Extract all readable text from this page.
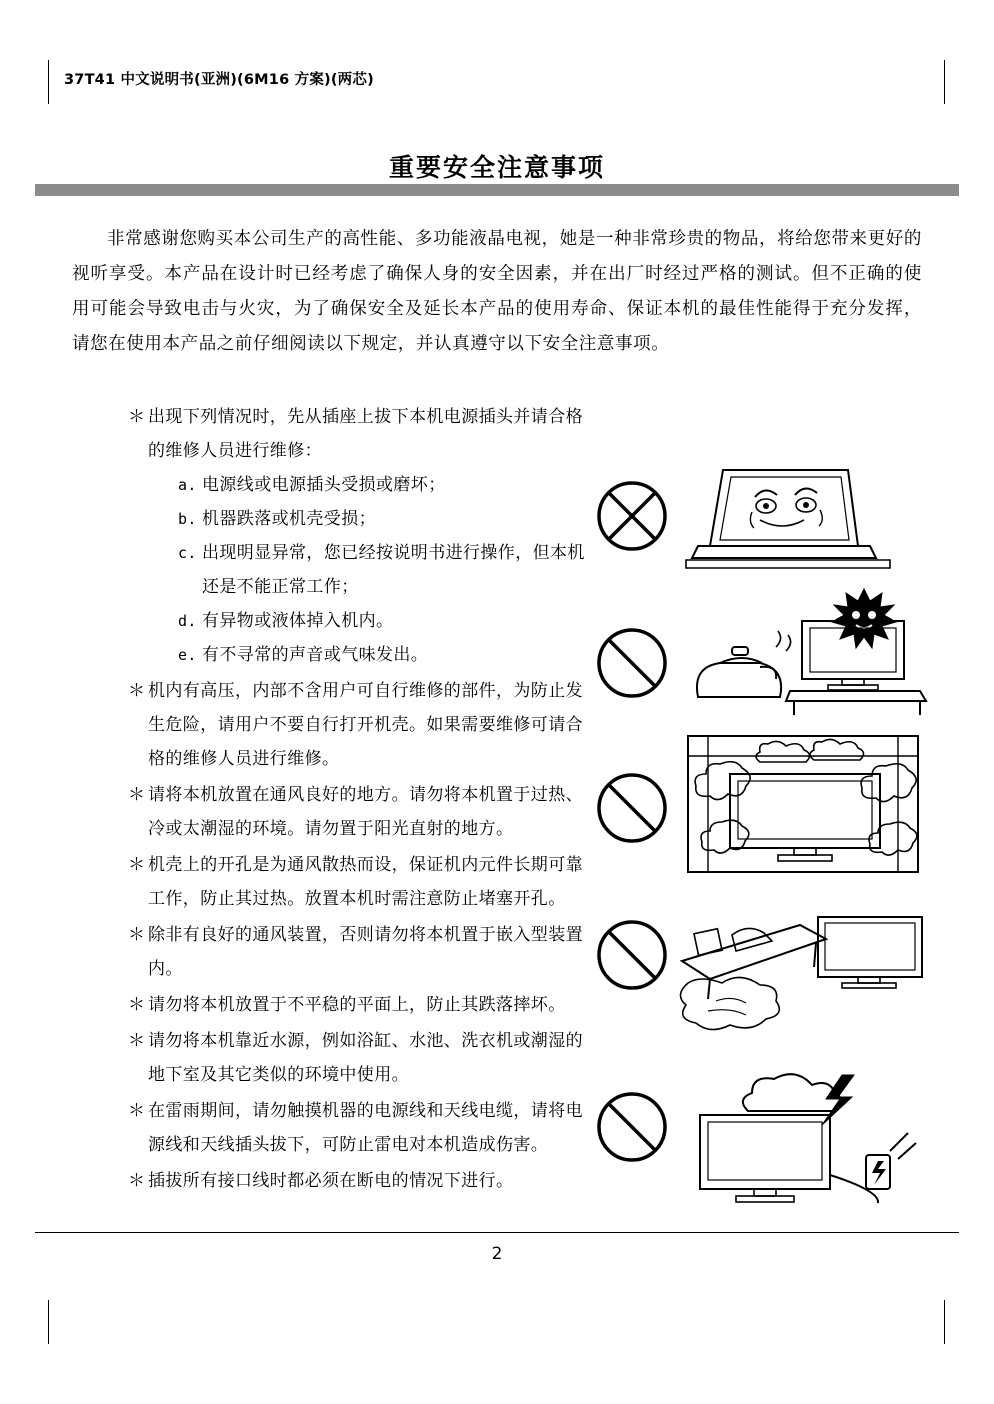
37T41 中文说明书(亚洲)(6M16 方案)(两芯)
重要安全注意事项

非常感谢您购买本公司生产的高性能、多功能液晶电视，她是一种非常珍贵的物品，将给您带来更好的视听享受。本产品在设计时已经考虑了确保人身的安全因素，并在出厂时经过严格的测试。但不正确的使用可能会导致电击与火灾，为了确保安全及延长本产品的使用寿命、保证本机的最佳性能得于充分发挥，请您在使用本产品之前仔细阅读以下规定，并认真遵守以下安全注意事项。

＊ 出现下列情况时，先从插座上拔下本机电源插头并请合格的维修人员进行维修：
a. 电源线或电源插头受损或磨坏；
b. 机器跌落或机壳受损；
c. 出现明显异常，您已经按说明书进行操作，但本机还是不能正常工作；
d. 有异物或液体掉入机内。
e. 有不寻常的声音或气味发出。
＊ 机内有高压，内部不含用户可自行维修的部件，为防止发生危险，请用户不要自行打开机壳。如果需要维修可请合格的维修人员进行维修。
＊ 请将本机放置在通风良好的地方。请勿将本机置于过热、冷或太潮湿的环境。请勿置于阳光直射的地方。
＊ 机壳上的开孔是为通风散热而设，保证机内元件长期可靠工作，防止其过热。放置本机时需注意防止堵塞开孔。
＊ 除非有良好的通风装置，否则请勿将本机置于嵌入型装置内。
＊ 请勿将本机放置于不平稳的平面上，防止其跌落摔坏。
＊ 请勿将本机靠近水源，例如浴缸、水池、洗衣机或潮湿的地下室及其它类似的环境中使用。
＊ 在雷雨期间，请勿触摸机器的电源线和天线电缆，请将电源线和天线插头拔下，可防止雷电对本机造成伤害。
＊ 插拔所有接口线时都必须在断电的情况下进行。
2
